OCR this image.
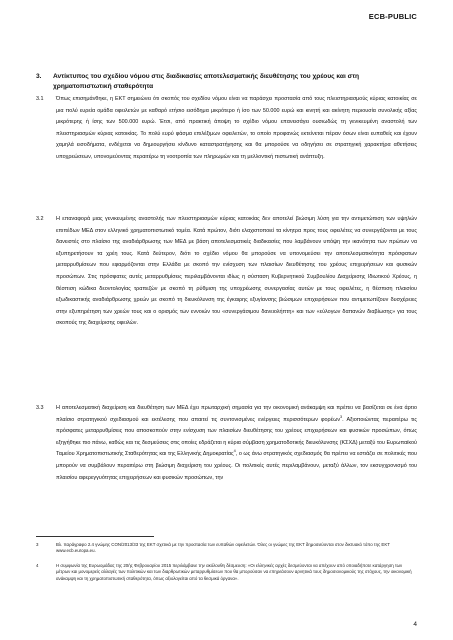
ECB-PUBLIC
3.	Αντίκτυπος του σχεδίου νόμου στις διαδικασίες αποτελεσματικής διευθέτησης του χρέους και στη χρηματοπιστωτική σταθερότητα
3.1	Όπως επισημάνθηκε, η ΕΚΤ σημειώνει ότι σκοπός του σχεδίου νόμου είναι να παράσχει προστασία από τους πλειστηριασμούς κύριας κατοικίας σε μια πολύ ευρεία ομάδα οφειλετών με καθαρό ετήσιο εισόδημα μικρότερο ή ίσο των 50.000 ευρώ και κινητή και ακίνητη περιουσία συνολικής αξίας μικρότερης ή ίσης των 500.000 ευρώ. Έτσι, από πρακτική άποψη το σχέδιο νόμου επανεισάγει ουσιωδώς τη γενικευμένη αναστολή των πλειστηριασμών κύριας κατοικίας. Το πολύ ευρύ φάσμα επιλέξιμων οφειλετών, το οποίο προφανώς εκτείνεται πέραν όσων είναι ευπαθείς και έχουν χαμηλά εισοδήματα, ενδέχεται να δημιουργήσει κίνδυνο καταστρατήγησης και θα μπορούσε να οδηγήσει σε στρατηγική χαρακτήρα αθετήσεις υποχρεώσεων, υπονομεύοντας περαιτέρω τη νοοτροπία των πληρωμών και τη μελλοντική πιστωτική ανάπτυξη.
3.2	Η επαναφορά μιας γενικευμένης αναστολής των πλειστηριασμών κύριας κατοικίας δεν αποτελεί βιώσιμη λύση για την αντιμετώπιση των υψηλών επιπέδων ΜΕΔ στον ελληνικό χρηματοπιστωτικό τομέα. Κατά πρώτον, διότι ελαχιστοποιεί τα κίνητρα προς τους οφειλέτες να συνεργάζονται με τους δανειστές στο πλαίσιο της αναδιάρθρωσης των ΜΕΔ με βάση αποτελεσματικές διαδικασίες που λαμβάνουν υπόψη την ικανότητα των πρώτων να εξυπηρετήσουν τα χρέη τους. Κατά δεύτερον, διότι το σχέδιο νόμου θα μπορούσε να υπονομεύσει την αποτελεσματικότητα πρόσφατων μεταρρυθμίσεων που εφαρμόζονται στην Ελλάδα με σκοπό την ενίσχυση των πλαισίων διευθέτησης του χρέους επιχειρήσεων και φυσικών προσώπων. Στις πρόσφατες αυτές μεταρρυθμίσεις περιλαμβάνονται ιδίως η σύσταση Κυβερνητικού Συμβουλίου Διαχείρισης Ιδιωτικού Χρέους, η θέσπιση κώδικα δεοντολογίας τραπεζών με σκοπό τη ρύθμιση της υποχρέωσης συνεργασίας αυτών με τους οφειλέτες, η θέσπιση πλαισίου εξωδικαστικής αναδιάρθρωσης χρεών με σκοπό τη διευκόλυνση της έγκαιρης εξυγίανσης βιώσιμων επιχειρήσεων που αντιμετωπίζουν δυσχέρειες στην εξυπηρέτηση των χρεών τους και ο ορισμός των εννοιών του «συνεργάσιμου δανειολήπτη» και των «εύλογων δαπανών διαβίωσης» για τους σκοπούς της διαχείρισης οφειλών.
3.3	Η αποτελεσματική διαχείριση και διευθέτηση των ΜΕΔ έχει πρωταρχική σημασία για την οικονομική ανάκαμψη και πρέπει να βασίζεται σε ένα άρτιο πλαίσιο στρατηγικού σχεδιασμού και εκτέλεσης που απαιτεί τις συντονισμένες ενέργειες περισσότερων φορέων$^3$. Αξιοποιώντας περαιτέρω τις πρόσφατες μεταρρυθμίσεις που αποσκοπούν στην ενίσχυση των πλαισίων διευθέτησης του χρέους επιχειρήσεων και φυσικών προσώπων, όπως εξηγήθηκε πιο πάνω, καθώς και τις δεσμεύσεις στις οποίες εδράζεται η κύρια σύμβαση χρηματοδοτικής διευκόλυνσης (ΚΣΧΔ) μεταξύ του Ευρωπαϊκού Ταμείου Χρηματοπιστωτικής Σταθερότητας και της Ελληνικής Δημοκρατίας$^4$, ο ως άνω στρατηγικός σχεδιασμός θα πρέπει να εστιάζει σε πολιτικές που μπορούν να συμβάλουν περαιτέρω στη βιώσιμη διαχείριση του χρέους. Οι πολιτικές αυτές περιλαμβάνουν, μεταξύ άλλων, τον εκσυγχρονισμό του πλαισίου αφερεγγυότητας επιχειρήσεων και φυσικών προσώπων, την
3	Βλ. παράγραφο 2.4 γνώμης CON/2013/33 της ΕΚΤ σχετικά με την προστασία των ευπαθών οφειλετών. Όλες οι γνώμες της ΕΚΤ δημοσιεύονται στον δικτυακό τόπο της ΕΚΤ www.ecb.europa.eu.
4	Η συμφωνία της Ευρωομάδας της 20ής Φεβρουαρίου 2015 περιλάμβανε την ακόλουθη δέσμευση: «Οι ελληνικές αρχές δεσμεύονται να απέχουν από οποιαδήποτε κατάργηση των μέτρων και μονομερείς αλλαγές των πολιτικών και των διαρθρωτικών μεταρρυθμίσεων που θα μπορούσαν να επηρεάσουν αρνητικά τους δημοσιονομικούς της στόχους, την οικονομική ανάκαμψη και τη χρηματοπιστωτική σταθερότητα, όπως αξιολογείται από τα θεσμικά όργανα».
4
